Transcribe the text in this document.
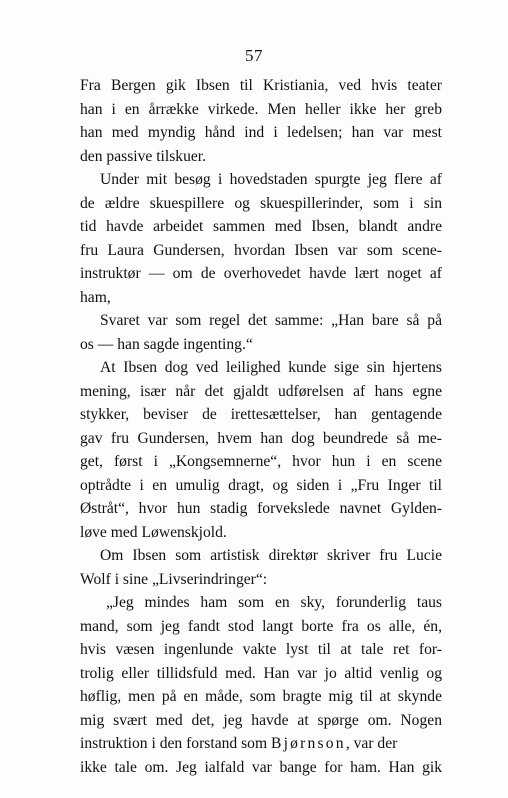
57
Fra Bergen gik Ibsen til Kristiania, ved hvis teater
han i en årrække virkede. Men heller ikke her greb
han med myndig hånd ind i ledelsen; han var mest
den passive tilskuer.
Under mit besøg i hovedstaden spurgte jeg flere af
de ældre skuespillere og skuespillerinder, som i sin
tid havde arbeidet sammen med Ibsen, blandt andre
fru Laura Gundersen, hvordan Ibsen var som scene-
instruktør — om de overhovedet havde lært noget af
ham,
Svaret var som regel det samme: „Han bare så på
os — han sagde ingenting.“
At Ibsen dog ved leilighed kunde sige sin hjertens
mening, især når det gjaldt udførelsen af hans egne
stykker, beviser de irettesættelser, han gentagende
gav fru Gundersen, hvem han dog beundrede så me-
get, først i „Kongsemnerne“, hvor hun i en scene
optrådte i en umulig dragt, og siden i „Fru Inger til
Østråt“, hvor hun stadig forvekslede navnet Gylden-
løve med Løwenskjold.
Om Ibsen som artistisk direktør skriver fru Lucie
Wolf i sine „Livserindringer“:
„Jeg mindes ham som en sky, forunderlig taus
mand, som jeg fandt stod langt borte fra os alle, én,
hvis væsen ingenlunde vakte lyst til at tale ret for-
trolig eller tillidsfuld med. Han var jo altid venlig og
høflig, men på en måde, som bragte mig til at skynde
mig svært med det, jeg havde at spørge om. Nogen
instruktion i den forstand som Bjørnson, var der
ikke tale om. Jeg ialfald var bange for ham. Han gik
